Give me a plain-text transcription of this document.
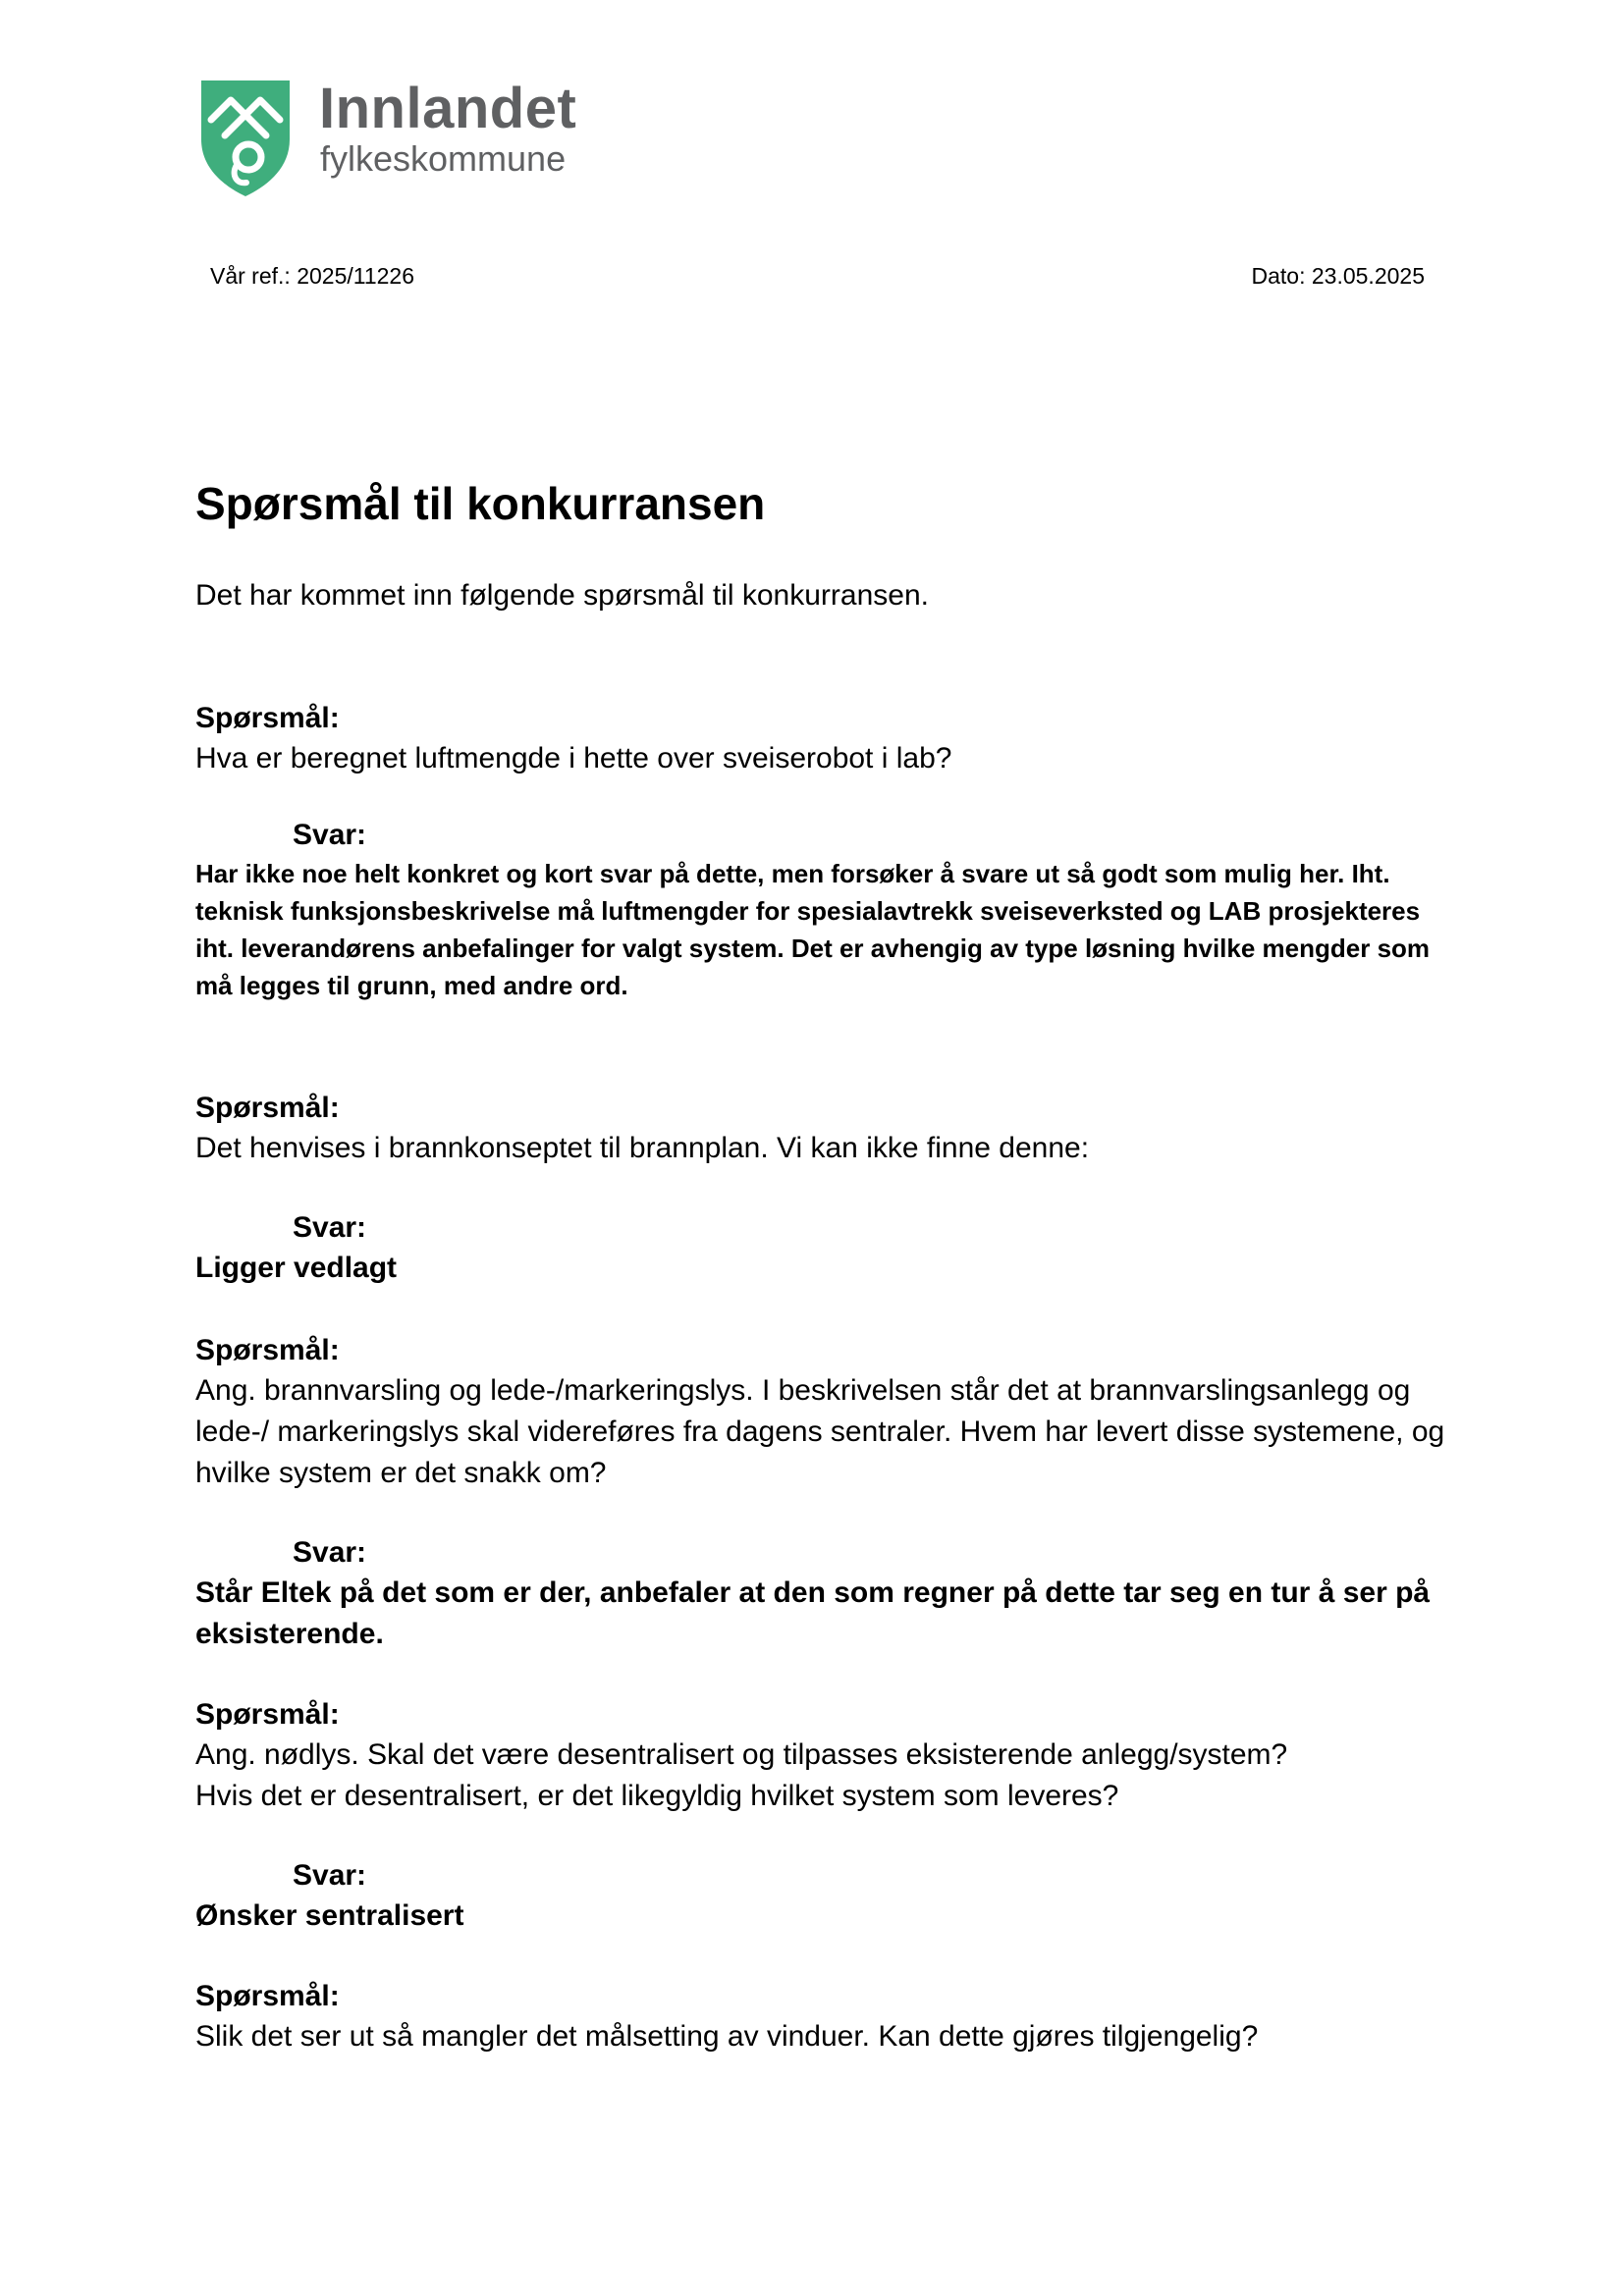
Innlandet
fylkeskommune
Vår ref.: 2025/11226	Dato: 23.05.2025
Spørsmål til konkurransen
Det har kommet inn følgende spørsmål til konkurransen.
Spørsmål:
Hva er beregnet luftmengde i hette over sveiserobot i lab?
Svar:
Har ikke noe helt konkret og kort svar på dette, men forsøker å svare ut så godt som mulig her. Iht. teknisk funksjonsbeskrivelse må luftmengder for spesialavtrekk sveiseverksted og LAB prosjekteres iht. leverandørens anbefalinger for valgt system. Det er avhengig av type løsning hvilke mengder som må legges til grunn, med andre ord.
Spørsmål:
Det henvises i brannkonseptet til brannplan. Vi kan ikke finne denne:
Svar:
Ligger vedlagt
Spørsmål:
Ang. brannvarsling og lede-/markeringslys. I beskrivelsen står det at brannvarslingsanlegg og lede-/ markeringslys skal videreføres fra dagens sentraler. Hvem har levert disse systemene, og hvilke system er det snakk om?
Svar:
Står Eltek på det som er der, anbefaler at den som regner på dette tar seg en tur å ser på eksisterende.
Spørsmål:
Ang. nødlys. Skal det være desentralisert og tilpasses eksisterende anlegg/system?
Hvis det er desentralisert, er det likegyldig hvilket system som leveres?
Svar:
Ønsker sentralisert
Spørsmål:
Slik det ser ut så mangler det målsetting av vinduer. Kan dette gjøres tilgjengelig?
